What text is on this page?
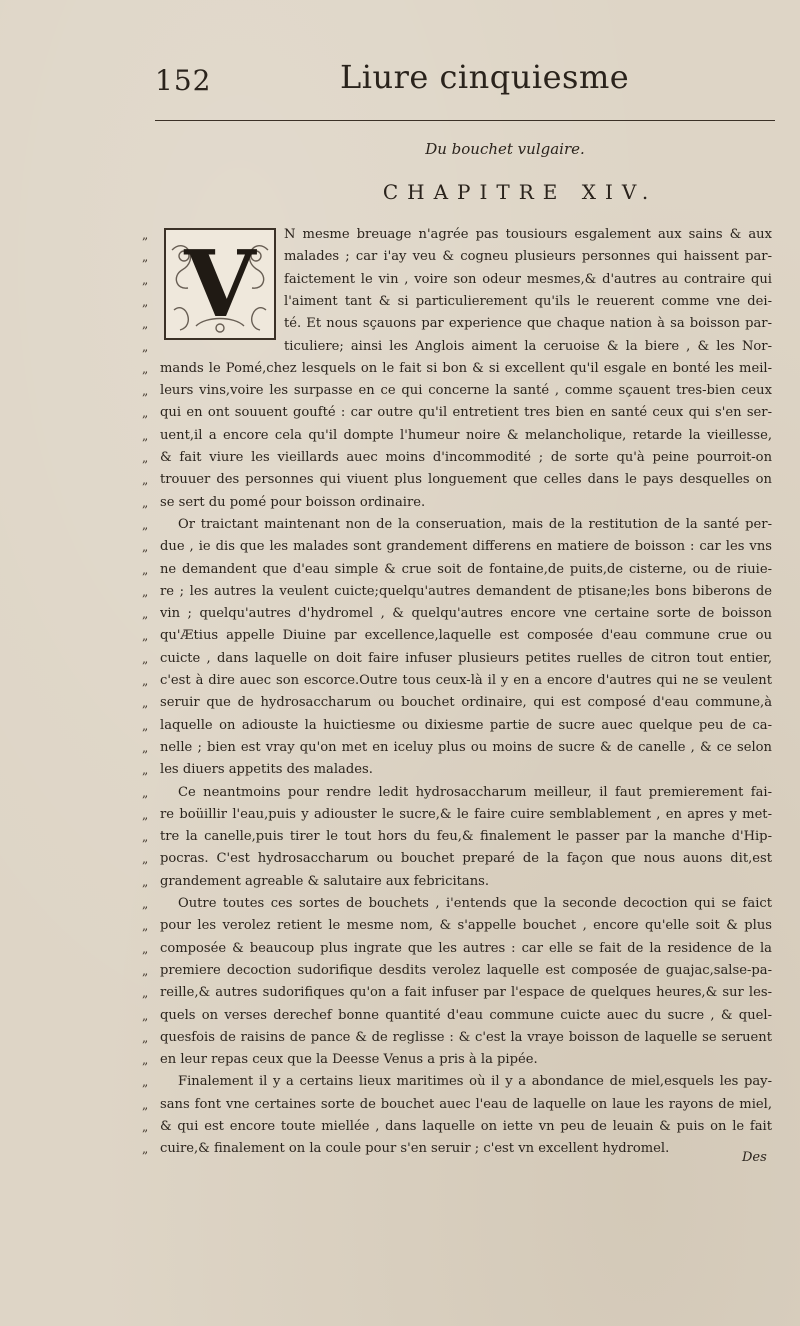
152	Liure cinquiesme
Du bouchet vulgaire.
CHAPITRE XIV.
V
„	N mesme breuage n'agrée pas tousiours esgalement aux sains & aux
„	malades ; car i'ay veu & cogneu plusieurs personnes qui haissent par-
„	faictement le vin , voire son odeur mesmes,& d'autres au contraire qui
„	l'aiment tant & si particulierement qu'ils le reuerent comme vne dei-
„	té. Et nous sçauons par experience que chaque nation à sa boisson par-
„	ticuliere; ainsi les Anglois aiment la ceruoise & la biere , & les Nor-
„ mands le Pomé,chez lesquels on le fait si bon & si excellent qu'il esgale en bonté les meil-
„ leurs vins,voire les surpasse en ce qui concerne la santé , comme sçauent tres-bien ceux
„ qui en ont souuent goufté : car outre qu'il entretient tres bien en santé ceux qui s'en ser-
„ uent,il a encore cela qu'il dompte l'humeur noire & melancholique, retarde la vieillesse,
„ & fait viure les vieillards auec moins d'incommodité ; de sorte qu'à peine pourroit-on
„ trouuer des personnes qui viuent plus longuement que celles dans le pays desquelles on
„ se sert du pomé pour boisson ordinaire.
„	Or traictant maintenant non de la conseruation, mais de la restitution de la santé per-
„ due , ie dis que les malades sont grandement differens en matiere de boisson : car les vns
„ ne demandent que d'eau simple & crue soit de fontaine,de puits,de cisterne, ou de riuie-
„ re ; les autres la veulent cuicte;quelqu'autres demandent de ptisane;les bons biberons de
„ vin ; quelqu'autres d'hydromel , & quelqu'autres encore vne certaine sorte de boisson
„ qu'Ætius appelle Diuine par excellence,laquelle est composée d'eau commune crue ou
„ cuicte , dans laquelle on doit faire infuser plusieurs petites ruelles de citron tout entier,
„ c'est à dire auec son escorce.Outre tous ceux-là il y en a encore d'autres qui ne se veulent
„ seruir que de hydrosaccharum ou bouchet ordinaire, qui est composé d'eau commune,à
„ laquelle on adiouste la huictiesme ou dixiesme partie de sucre auec quelque peu de ca-
„ nelle ; bien est vray qu'on met en iceluy plus ou moins de sucre & de canelle , & ce selon
„ les diuers appetits des malades.
„	Ce neantmoins pour rendre ledit hydrosaccharum meilleur, il faut premierement fai-
„ re boüillir l'eau,puis y adiouster le sucre,& le faire cuire semblablement , en apres y met-
„ tre la canelle,puis tirer le tout hors du feu,& finalement le passer par la manche d'Hip-
„ pocras. C'est hydrosaccharum ou bouchet preparé de la façon que nous auons dit,est
„ grandement agreable & salutaire aux febricitans.
„	Outre toutes ces sortes de bouchets , i'entends que la seconde decoction qui se faict
„ pour les verolez retient le mesme nom, & s'appelle bouchet , encore qu'elle soit & plus
„ composée & beaucoup plus ingrate que les autres : car elle se fait de la residence de la
„ premiere decoction sudorifique desdits verolez laquelle est composée de guajac,salse-pa-
„ reille,& autres sudorifiques qu'on a fait infuser par l'espace de quelques heures,& sur les-
„ quels on verses derechef bonne quantité d'eau commune cuicte auec du sucre , & quel-
„ quesfois de raisins de pance & de reglisse : & c'est la vraye boisson de laquelle se seruent
„ en leur repas ceux que la Deesse Venus a pris à la pipée.
„	Finalement il y a certains lieux maritimes où il y a abondance de miel,esquels les pay-
„ sans font vne certaines sorte de bouchet auec l'eau de laquelle on laue les rayons de miel,
„ & qui est encore toute miellée , dans laquelle on iette vn peu de leuain & puis on le fait
„ cuire,& finalement on la coule pour s'en seruir ; c'est vn excellent hydromel.
Des
